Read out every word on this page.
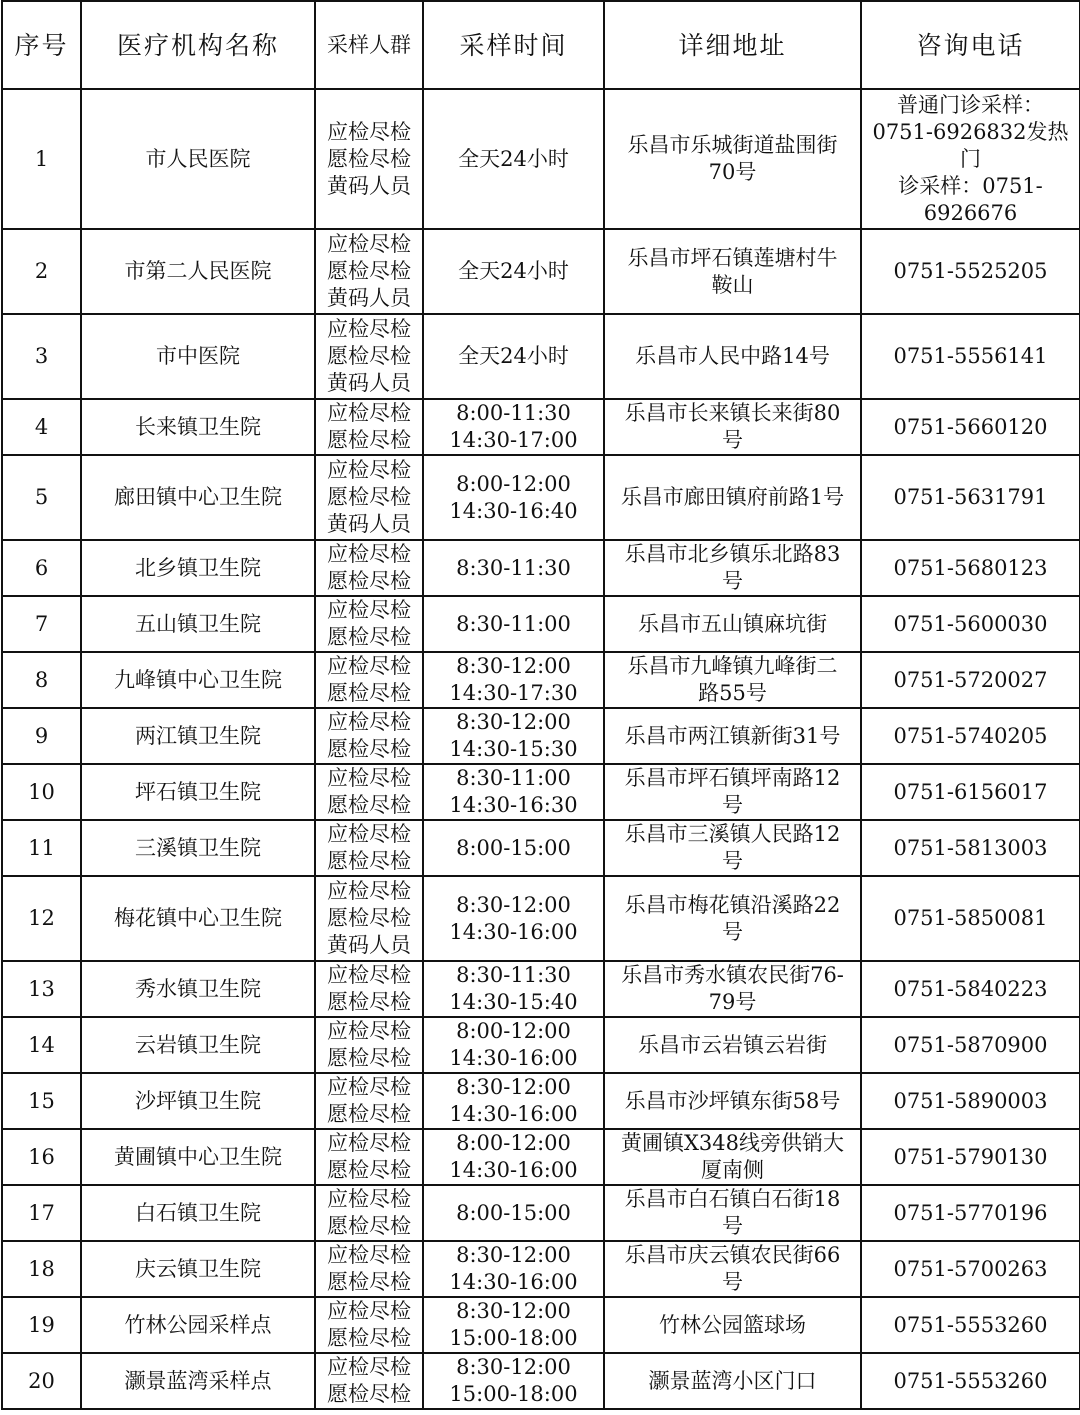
序号	医疗机构名称	采样人群	采样时间	详细地址	咨询电话
1	市人民医院	应检尽检
愿检尽检
黄码人员	全天24小时	乐昌市乐城街道盐围街
70号	普通门诊采样：
0751-6926832发热门
诊采样：0751-
6926676

2	市第二人民医院	应检尽检
愿检尽检
黄码人员	全天24小时	乐昌市坪石镇莲塘村牛
鞍山	0751-5525205

3	市中医院	应检尽检
愿检尽检
黄码人员	全天24小时	乐昌市人民中路14号	0751-5556141

4	长来镇卫生院	应检尽检
愿检尽检	8:00-11:30
14:30-17:00	乐昌市长来镇长来街80
号	0751-5660120

5	廊田镇中心卫生院	应检尽检
愿检尽检
黄码人员	8:00-12:00
14:30-16:40	乐昌市廊田镇府前路1号	0751-5631791

6	北乡镇卫生院	应检尽检
愿检尽检	8:30-11:30	乐昌市北乡镇乐北路83
号	0751-5680123

7	五山镇卫生院	应检尽检
愿检尽检	8:30-11:00	乐昌市五山镇麻坑街	0751-5600030

8	九峰镇中心卫生院	应检尽检
愿检尽检	8:30-12:00
14:30-17:30	乐昌市九峰镇九峰街二
路55号	0751-5720027

9	两江镇卫生院	应检尽检
愿检尽检	8:30-12:00
14:30-15:30	乐昌市两江镇新街31号	0751-5740205

10	坪石镇卫生院	应检尽检
愿检尽检	8:30-11:00
14:30-16:30	乐昌市坪石镇坪南路12
号	0751-6156017

11	三溪镇卫生院	应检尽检
愿检尽检	8:00-15:00	乐昌市三溪镇人民路12
号	0751-5813003

12	梅花镇中心卫生院	应检尽检
愿检尽检
黄码人员	8:30-12:00
14:30-16:00	乐昌市梅花镇沿溪路22
号	0751-5850081

13	秀水镇卫生院	应检尽检
愿检尽检	8:30-11:30
14:30-15:40	乐昌市秀水镇农民街76-
79号	0751-5840223

14	云岩镇卫生院	应检尽检
愿检尽检	8:00-12:00
14:30-16:00	乐昌市云岩镇云岩街	0751-5870900

15	沙坪镇卫生院	应检尽检
愿检尽检	8:30-12:00
14:30-16:00	乐昌市沙坪镇东街58号	0751-5890003

16	黄圃镇中心卫生院	应检尽检
愿检尽检	8:00-12:00
14:30-16:00	黄圃镇X348线旁供销大
厦南侧	0751-5790130

17	白石镇卫生院	应检尽检
愿检尽检	8:00-15:00	乐昌市白石镇白石街18
号	0751-5770196

18	庆云镇卫生院	应检尽检
愿检尽检	8:30-12:00
14:30-16:00	乐昌市庆云镇农民街66
号	0751-5700263

19	竹林公园采样点	应检尽检
愿检尽检	8:30-12:00
15:00-18:00	竹林公园篮球场	0751-5553260

20	灏景蓝湾采样点	应检尽检
愿检尽检	8:30-12:00
15:00-18:00	灏景蓝湾小区门口	0751-5553260
